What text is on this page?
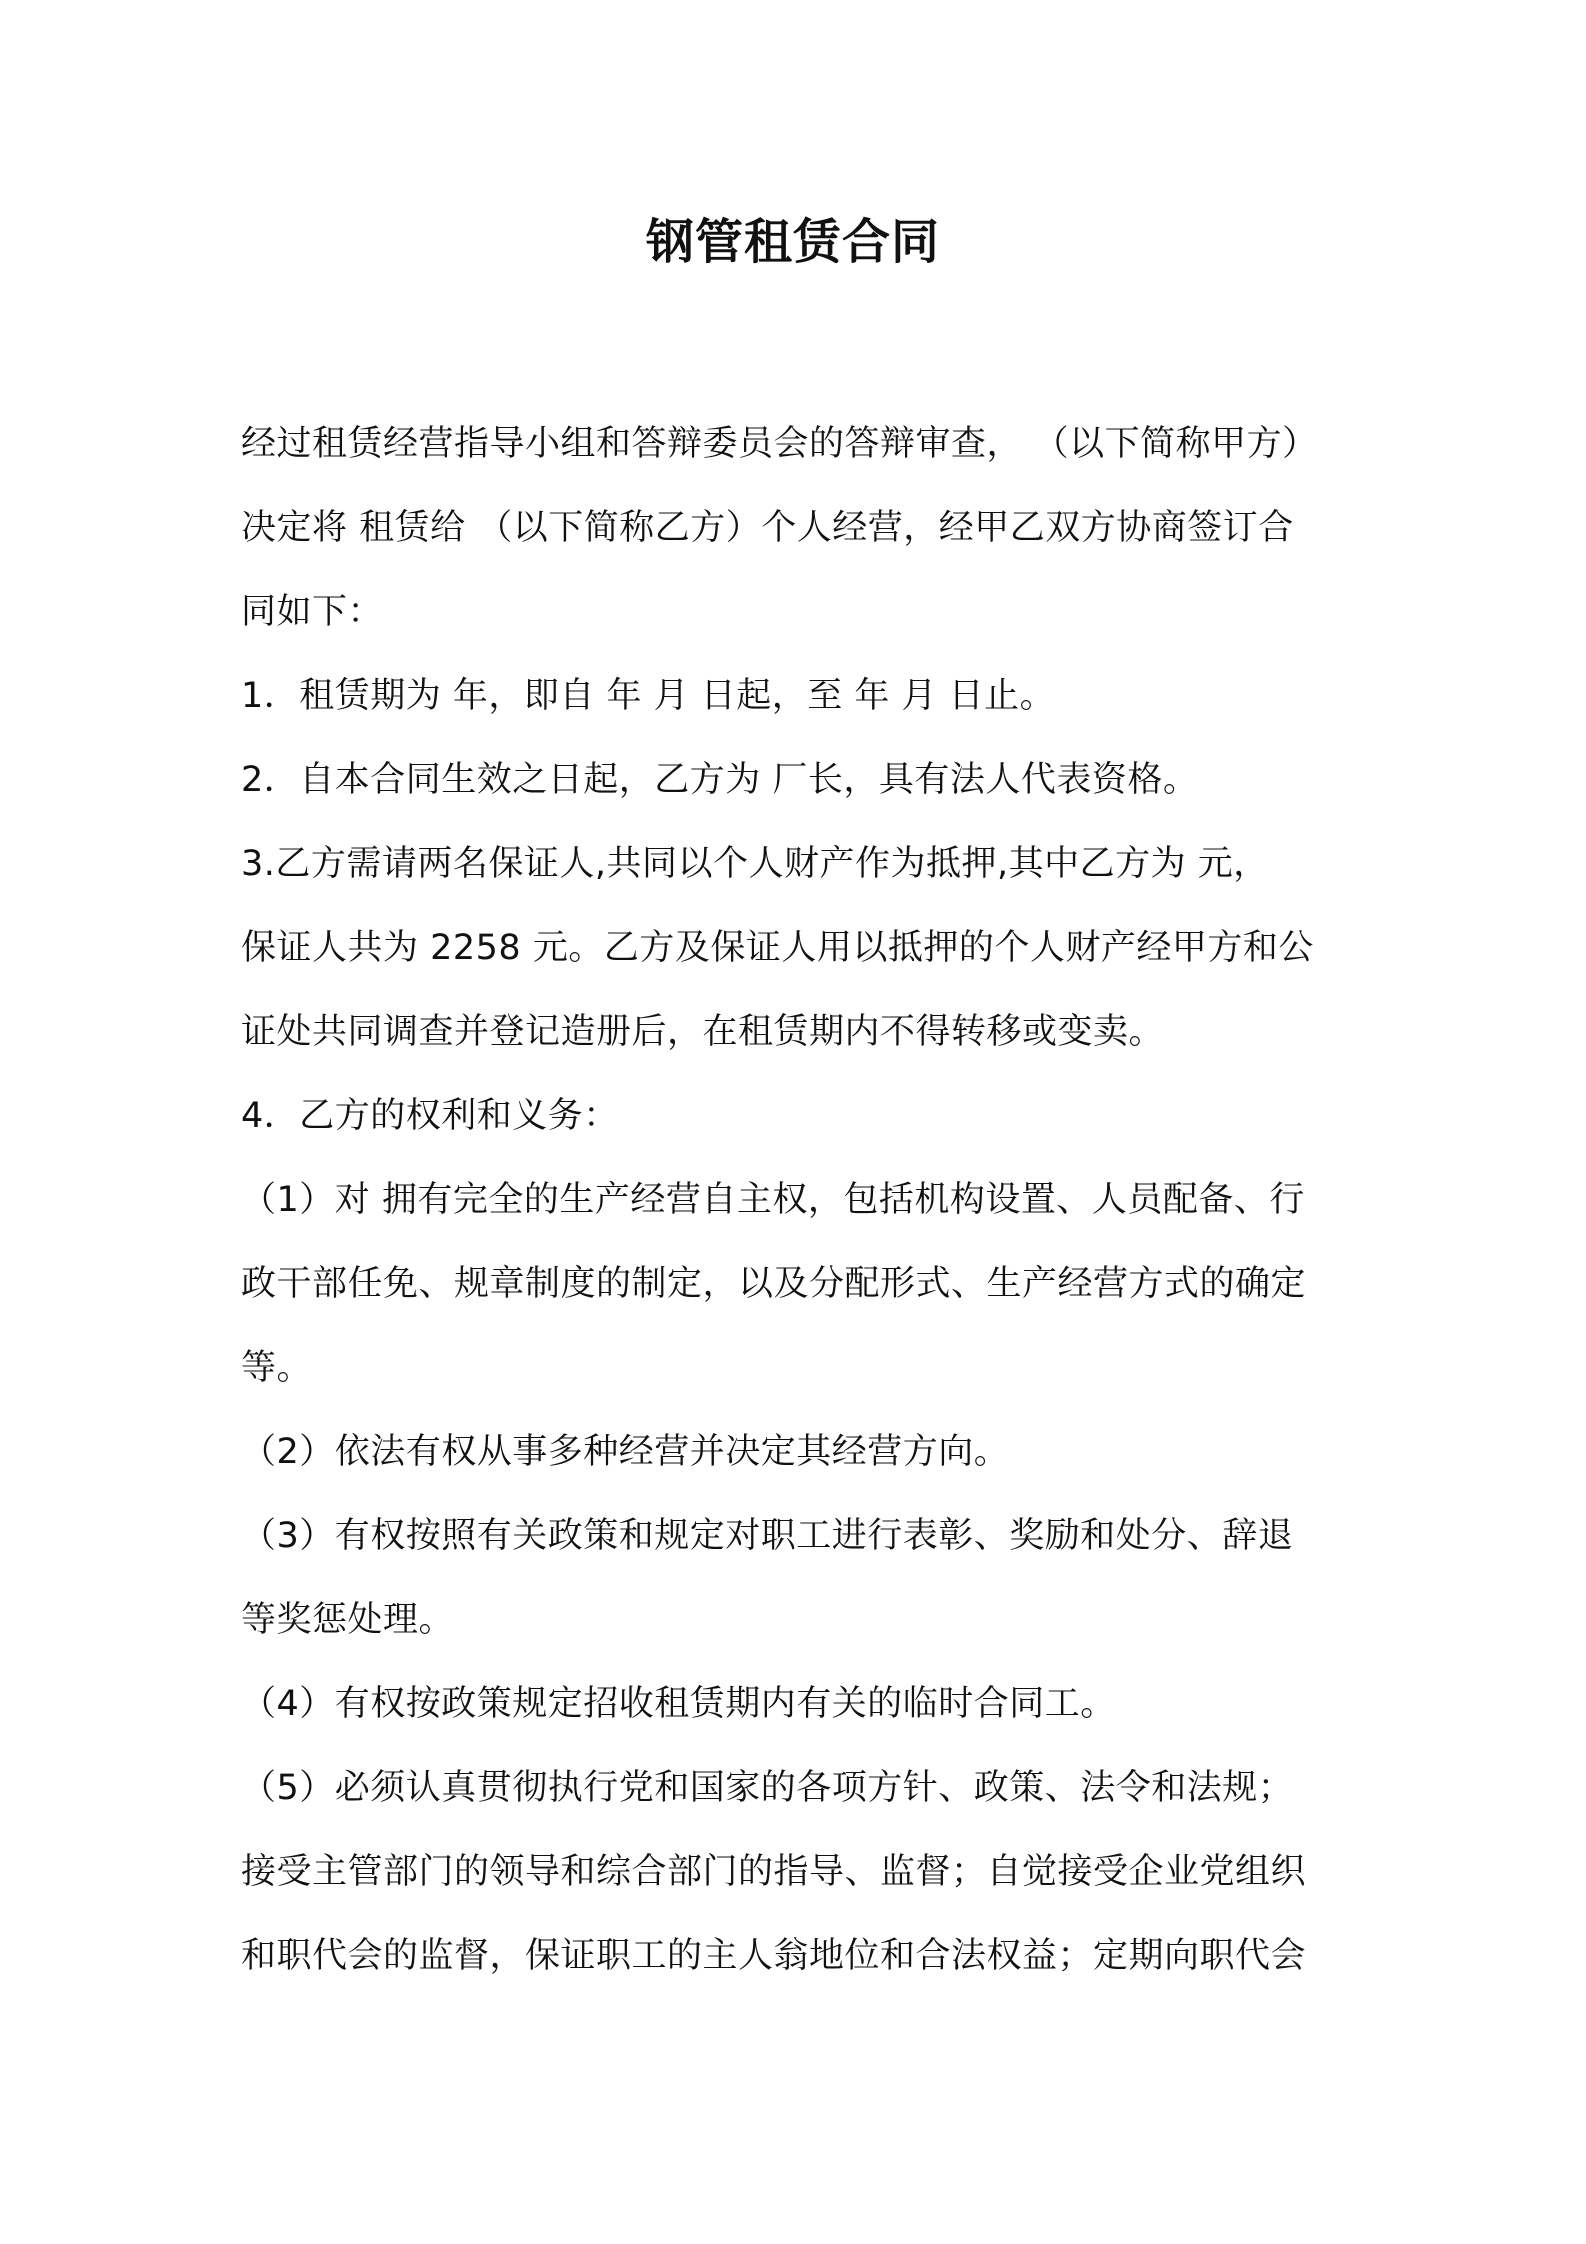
钢管租赁合同
经过租赁经营指导小组和答辩委员会的答辩审查， （以下简称甲方）
决定将 租赁给 （以下简称乙方）个人经营，经甲乙双方协商签订合
同如下：
1．租赁期为 年，即自 年 月 日起，至 年 月 日止。
2．自本合同生效之日起，乙方为 厂长，具有法人代表资格。
3.乙方需请两名保证人,共同以个人财产作为抵押,其中乙方为 元，
保证人共为 2258 元。乙方及保证人用以抵押的个人财产经甲方和公
证处共同调查并登记造册后，在租赁期内不得转移或变卖。
4．乙方的权利和义务：
（1）对 拥有完全的生产经营自主权，包括机构设置、人员配备、行
政干部任免、规章制度的制定，以及分配形式、生产经营方式的确定
等。
（2）依法有权从事多种经营并决定其经营方向。
（3）有权按照有关政策和规定对职工进行表彰、奖励和处分、辞退
等奖惩处理。
（4）有权按政策规定招收租赁期内有关的临时合同工。
（5）必须认真贯彻执行党和国家的各项方针、政策、法令和法规；
接受主管部门的领导和综合部门的指导、监督；自觉接受企业党组织
和职代会的监督，保证职工的主人翁地位和合法权益；定期向职代会
